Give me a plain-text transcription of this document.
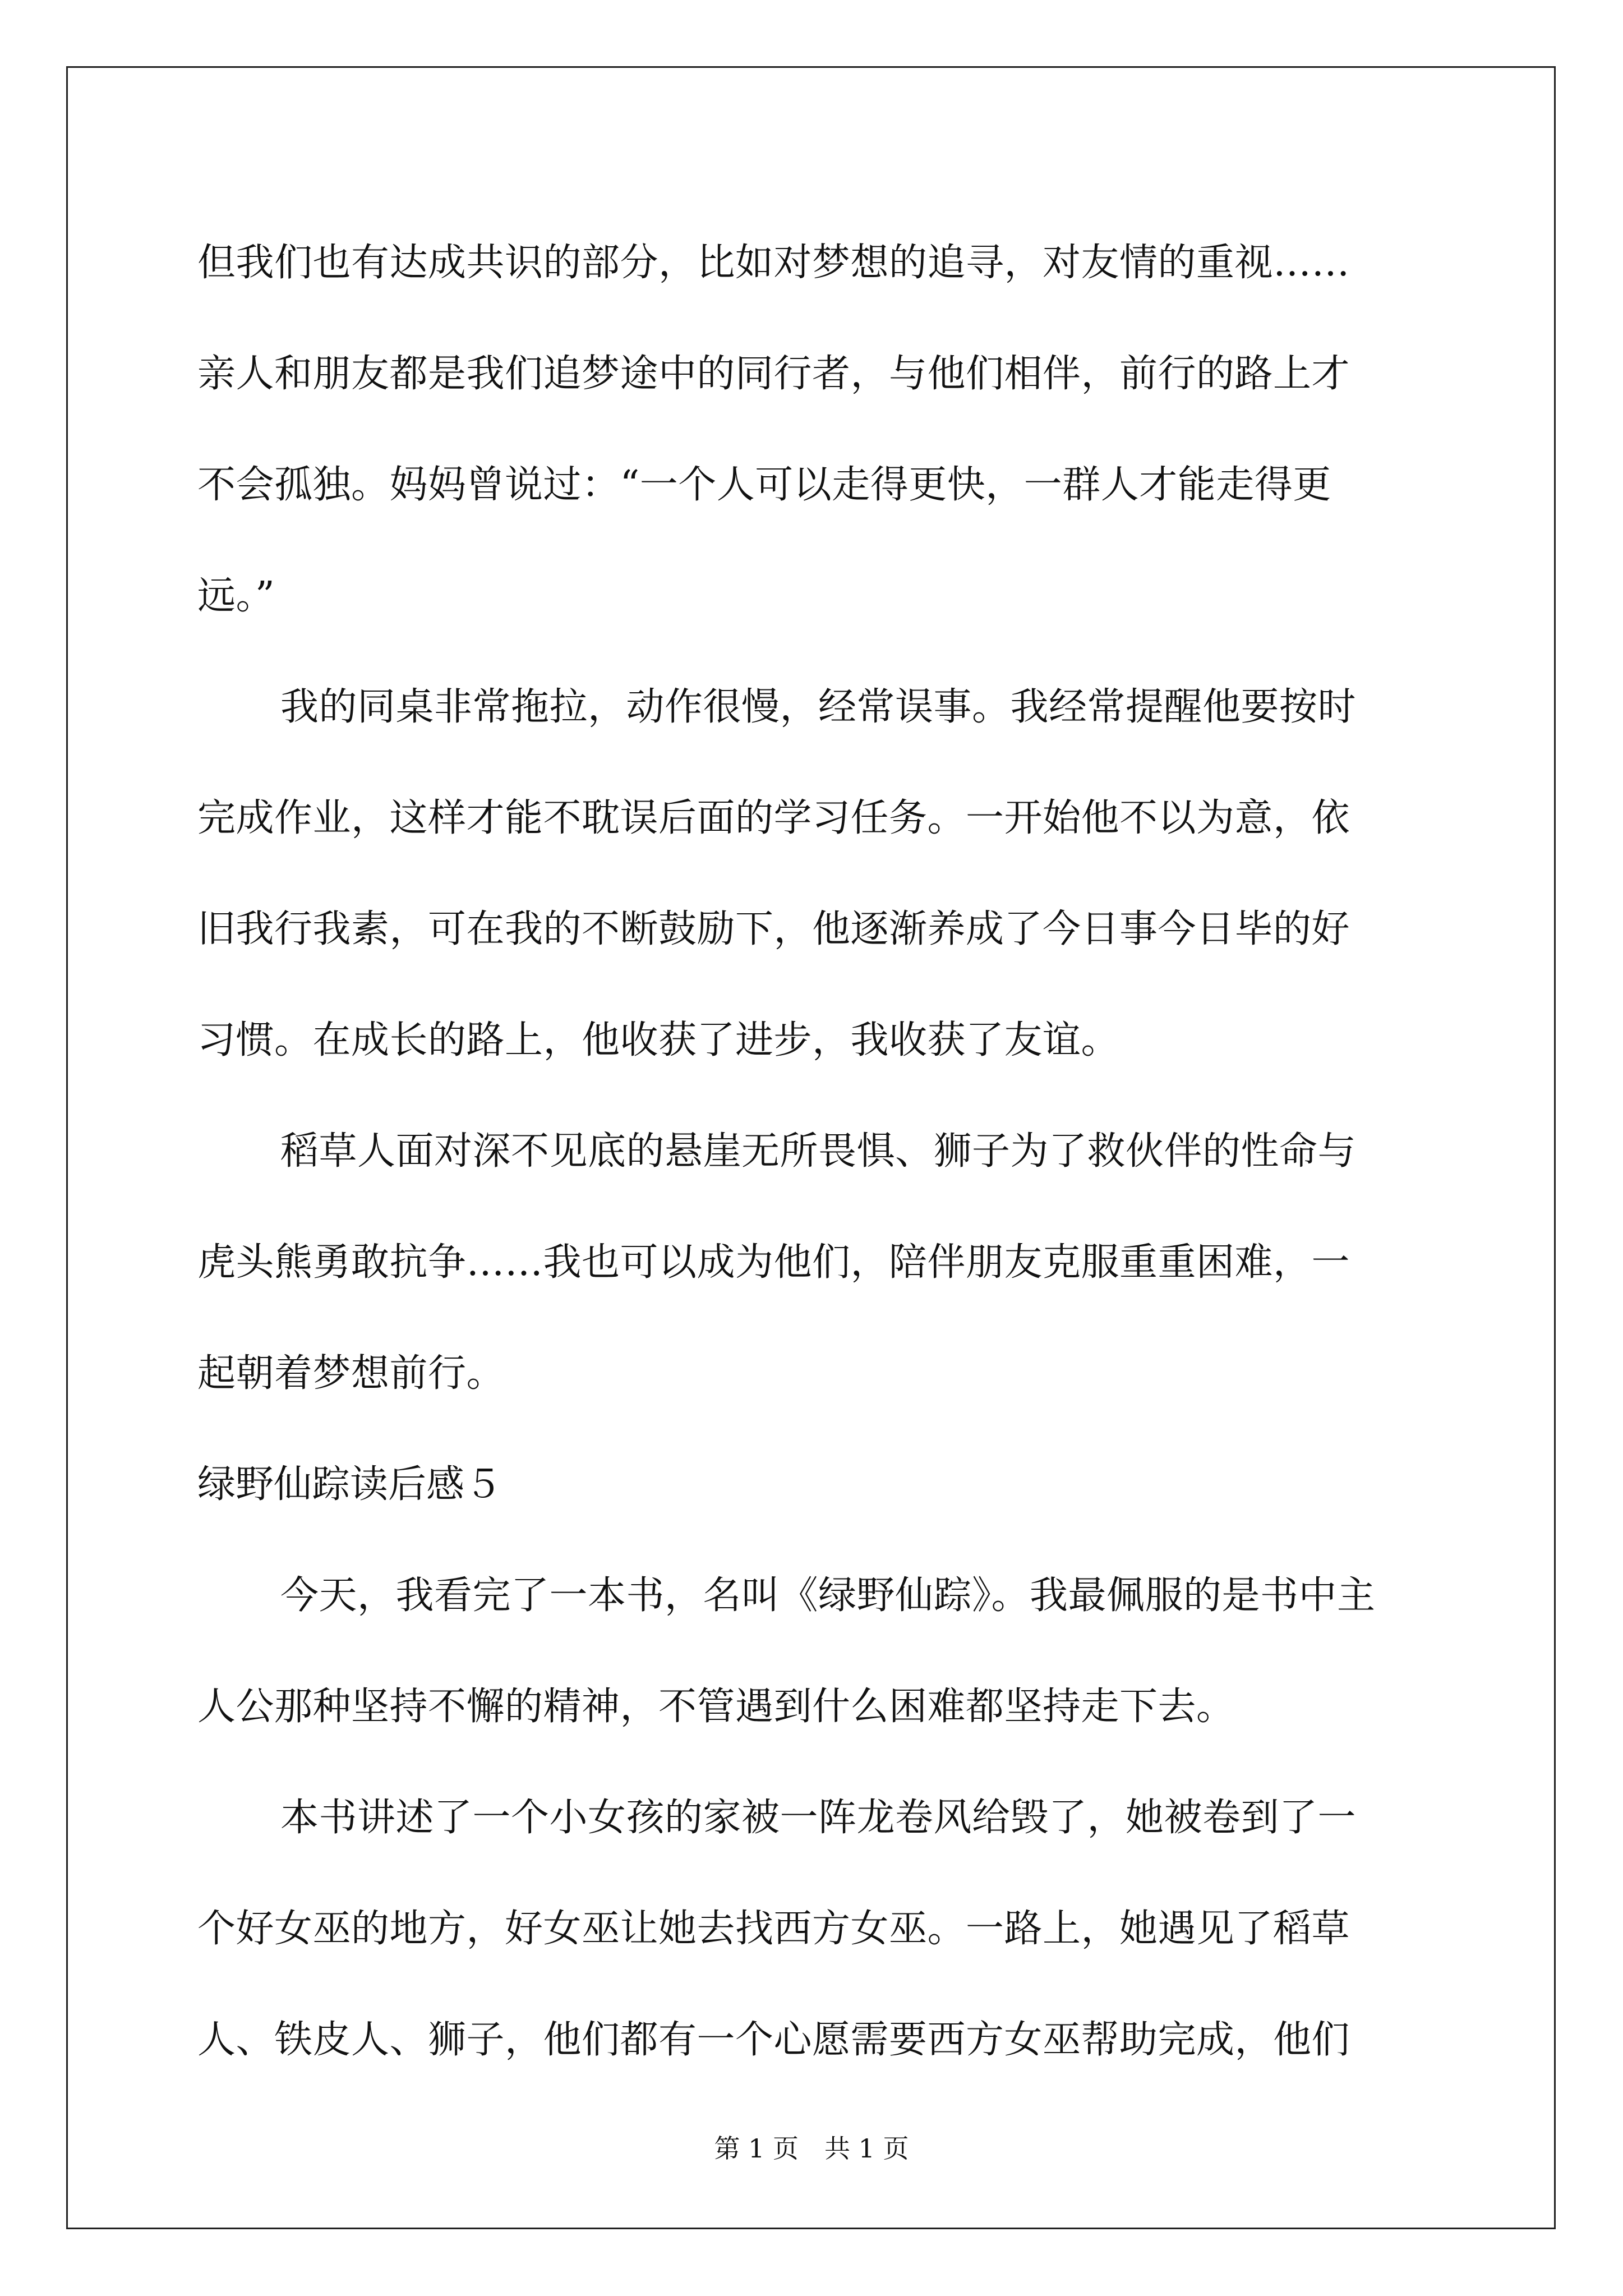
但我们也有达成共识的部分，比如对梦想的追寻，对友情的重视……
亲人和朋友都是我们追梦途中的同行者，与他们相伴，前行的路上才
不会孤独。妈妈曾说过：“一个人可以走得更快，一群人才能走得更
远。”
我的同桌非常拖拉，动作很慢，经常误事。我经常提醒他要按时
完成作业，这样才能不耽误后面的学习任务。一开始他不以为意，依
旧我行我素，可在我的不断鼓励下，他逐渐养成了今日事今日毕的好
习惯。在成长的路上，他收获了进步，我收获了友谊。
稻草人面对深不见底的悬崖无所畏惧、狮子为了救伙伴的性命与
虎头熊勇敢抗争……我也可以成为他们，陪伴朋友克服重重困难，一
起朝着梦想前行。
绿野仙踪读后感５
今天，我看完了一本书，名叫《绿野仙踪》。我最佩服的是书中主
人公那种坚持不懈的精神，不管遇到什么困难都坚持走下去。
本书讲述了一个小女孩的家被一阵龙卷风给毁了，她被卷到了一
个好女巫的地方，好女巫让她去找西方女巫。一路上，她遇见了稻草
人、铁皮人、狮子，他们都有一个心愿需要西方女巫帮助完成，他们
第 1 页　共 1 页
